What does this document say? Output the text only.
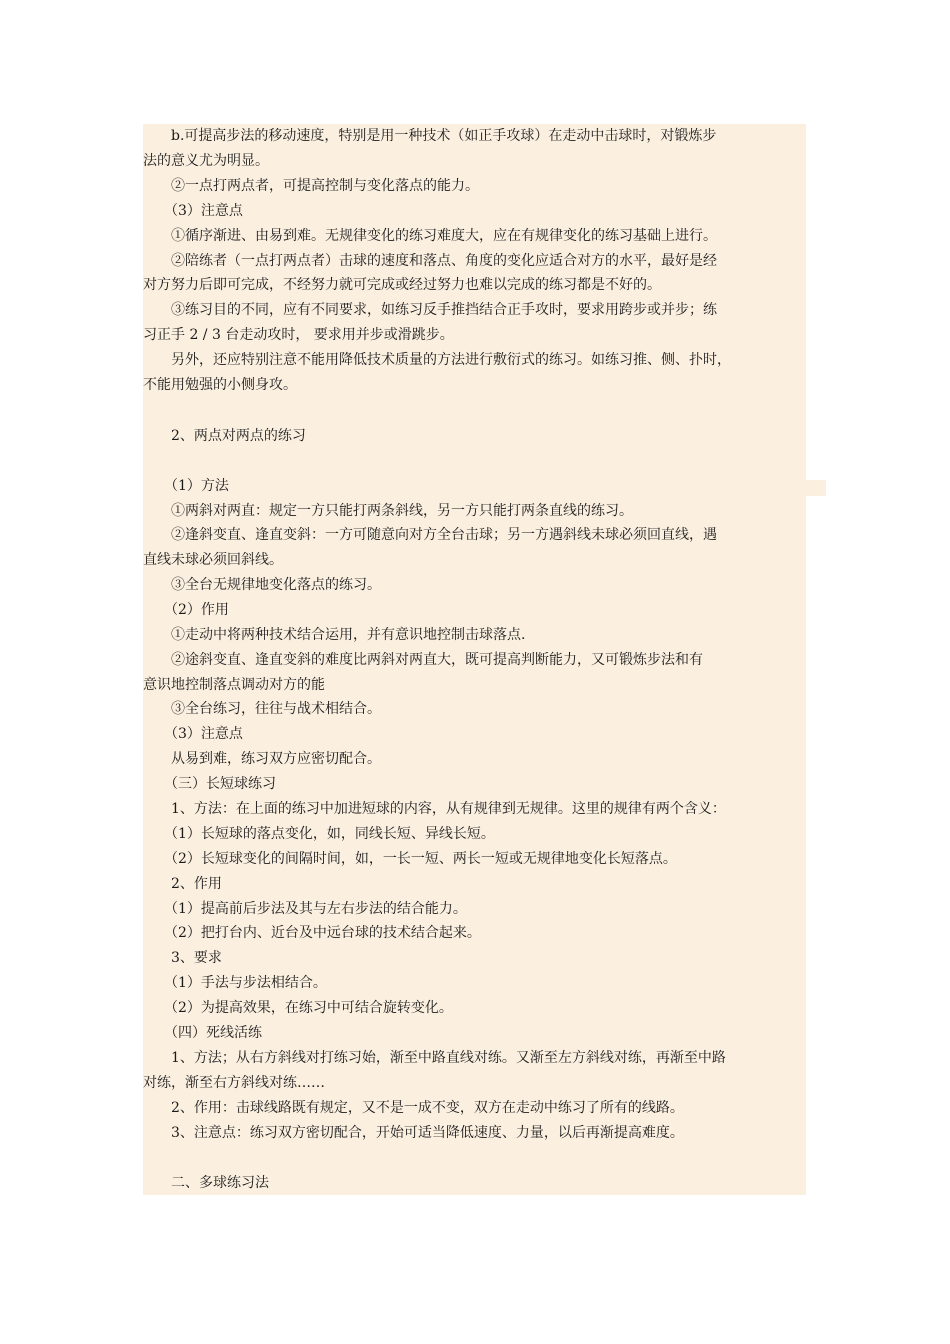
　　b.可提高步法的移动速度，特别是用一种技术（如正手攻球）在走动中击球时，对锻炼步
法的意义尤为明显。
　　②一点打两点者，可提高控制与变化落点的能力。
　　（3）注意点
　　①循序渐进、由易到难。无规律变化的练习难度大，应在有规律变化的练习基础上进行。
　　②陪练者（一点打两点者）击球的速度和落点、角度的变化应适合对方的水平，最好是经
对方努力后即可完成，不经努力就可完成或经过努力也难以完成的练习都是不好的。
　　③练习目的不同，应有不同要求，如练习反手推挡结合正手攻时，要求用跨步或并步；练
习正手 2 / 3 台走动攻时， 要求用并步或滑跳步。
　　另外，还应特别注意不能用降低技术质量的方法进行敷衍式的练习。如练习推、侧、扑时，
不能用勉强的小侧身攻。
　　2、两点对两点的练习
　　（1）方法
　　①两斜对两直：规定一方只能打两条斜线，另一方只能打两条直线的练习。
　　②逢斜变直、逢直变斜：一方可随意向对方全台击球；另一方遇斜线未球必须回直线，遇
直线未球必须回斜线。
　　③全台无规律地变化落点的练习。
　　（2）作用
　　①走动中将两种技术结合运用，并有意识地控制击球落点.
　　②途斜变直、逢直变斜的难度比两斜对两直大，既可提高判断能力，又可锻炼步法和有
意识地控制落点调动对方的能
　　③全台练习，往往与战术相结合。
　　（3）注意点
　　从易到难，练习双方应密切配合。
　　（三）长短球练习
　　1、方法：在上面的练习中加进短球的内容，从有规律到无规律。这里的规律有两个含义：
　　（1）长短球的落点变化，如，同线长短、异线长短。
　　（2）长短球变化的间隔时间，如，一长一短、两长一短或无规律地变化长短落点。
　　2、作用
　　（1）提高前后步法及其与左右步法的结合能力。
　　（2）把打台内、近台及中远台球的技术结合起来。
　　3、要求
　　（1）手法与步法相结合。
　　（2）为提高效果，在练习中可结合旋转变化。
　　（四）死线活练
　　1、方法；从右方斜线对打练习始，渐至中路直线对练。又渐至左方斜线对练，再渐至中路
对练，渐至右方斜线对练……
　　2、作用：击球线路既有规定，又不是一成不变，双方在走动中练习了所有的线路。
　　3、注意点：练习双方密切配合，开始可适当降低速度、力量，以后再渐提高难度。
　　二、多球练习法
